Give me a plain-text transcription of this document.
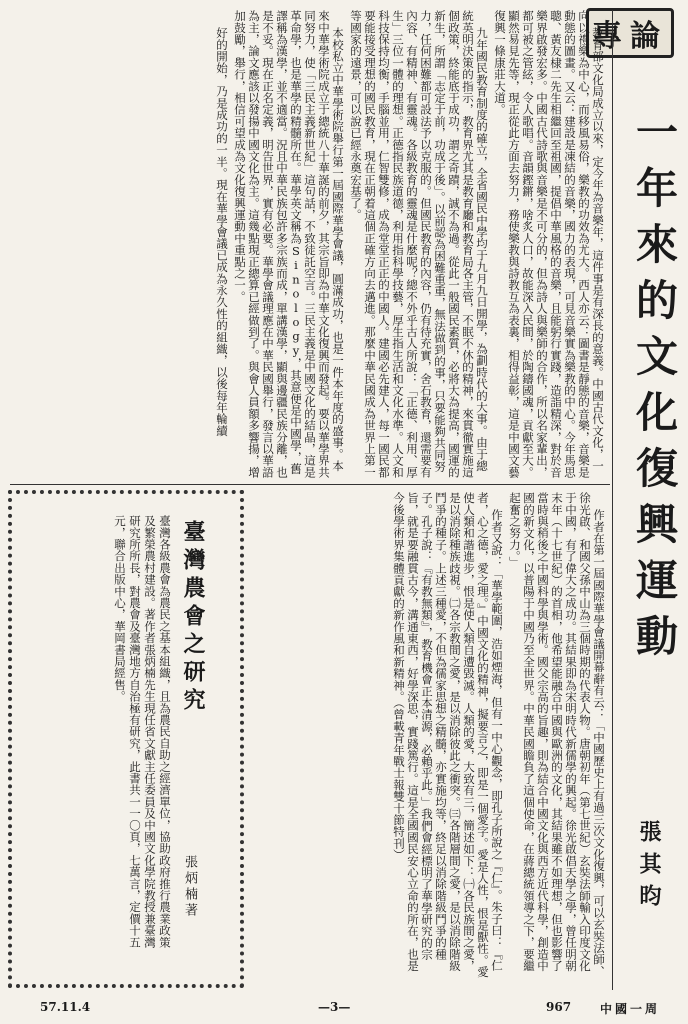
專論
一年來的文化復興運動
張其昀

教育部文化局成立以來，定今年為音樂年，這件事是有深長的意義。中國古代文化，一向以禮樂為中心，而移風易俗，樂教的功效為尤大。西人亦云：圖書是靜態的音樂，音樂是動態的圖畫。又云：建設是凍結的音樂，國力的表現，可見音樂實為樂教的中心。今年馬思聰、黃友棣二先生相繼回至祖國，提倡中華風格的音樂，且能躬行實踐，造詣精深，對於音樂界啟發宏多。中國古代詩歌與音樂是不可分的，但為詩人與樂師的合作，所以名家輩出，都可被之管絃，令人歌唱。音韻鏗鏘，啥炙人口，故能深入民間，於陶鑄國魂，貢獻至大。顯然易見先等，現正從此方面去努力，務使樂教與詩教互為表裏，相得益彰，這是中國文藝復興一條康莊大道。

九年國民教育制度的確立，全省國民中學均于九月九日開學，為劃時代的大事。由于總統英明決策的指示，教育界尤其是教育廳和教育局各主管，不眠不休的精神，來貫徹實施這個政策，終能底于成功，謂之奇蹟，誠不為過。從此一般國民素質，必將大為提高，國運的新生，所謂「志定于前，功成于後」。以前認為困難重重，無法做到的事，只要能夠共同努力，任何困難都可設法予以克服的。但國民教育的內容，仍有待充實，舍石教育，還需要有內容、有精神、有靈魂。各級教育的靈魂是什麼呢？總不外乎古人所說：「正德、利用、厚生」三位一體的理想。正德指民族道德，利用指科學技藝，厚生指生活和文化水準。人文和科技保持均衡，手腦並用，仁智雙修，成為堂堂正正的中國人。建國必先建人，每一國民都要能接受理想的國民教育，現在正朝着這個正確方向去邁進。那麼中華民國成為世界上第一等國家的遠景，可以說已經永奠宏基了。

本校私立中華學術院舉行第一屆國際華學會議，圓滿成功，也是一件本年度的盛事。本來中華學術院成立于總統八十華誕的前夕，其宗旨即為中華文化復興而發起。要以華學界共同努力，使「三民主義新世紀」這句話，不致徒託空言。三民主義是中國文化的結晶，這是革命學，也是華學的精髓所在。華學英文稱為Sinology，其意便是中國學，舊譯稱為漢學，並不適當。況且中華民族包許多宗族而成，單講漢學，顯與邊疆民族分離，也是不妥。現在正名定義，明告世界，實有必要。華學會議理應在中華民國舉行，發言以華語為主，論文應該以發揚中國文化為主。這幾點現正總算已經做到了。與會人員額多響揚，增加鼓勵，舉行，相信可望成為文化復興運動中重點之一。

好的開始，乃是成功的一半。現在華學會議已成為永久性的組織，以後每年輪續

作者在第一屆國際華學會議開幕辭有云：「中國歷史上有過三次文化復興，可以玄奘法師、徐光啟、和國父孫中山為三個時期的代表人物。唐朝初年（第七世紀）玄奘法師輸入印度文化于中國，有了偉大之成功。其結果即為宋明時代新儒學的興起。徐光啟倡天學之學，曾任明朝末年（十七世紀）的首相，他希望能融合中國與歐洲的文化，其結果雖不如理想，但也影響了當時與稍後之中國科學與學術。國父宗高的旨趣，則為結合中國文化與西方近代科學，創造中國的新文化，以普陽于中國乃至全世界。中華民國瞻負了這個使命，在蔣總統領導之下，要繼起奮之努力。」

作者又說：「華學範圍，浩如煙海，但有一中心觀念，即孔子所說之『仁』。朱子曰：『仁者，心之德，愛之理。』中國文化的精神，擬要言之，即是一個愛字。愛是人性，恨是獸性。愛使人類和諧進步，恨是使人類自遭毀滅。人類的愛，大致有三，簡述如下：㈠各民族間之愛，是以消除種族歧視。㈡各宗教間之愛，是以消除彼此之衝突。㈢各階層間之愛，是以消除階級鬥爭的種子。上述三種愛，不但為儒家思想之精髓，亦實施均等，終足以消除階級鬥爭的種子。孔子說：『有教無類』，教育機會正本清源，必賴乎此。」我們會經標明了華學研究的宗旨，就是要融貫古今，溝通東西，好學深思，實踐篤行。這是全國國民安心立命的所在，也是今後學術界集體貢獻的新作風和新精神。（曾載青年戰士報雙十節特刊）

臺灣農會之研究
張炳楠著
臺灣各級農會為農民之基本組織，且為農民自助之經濟單位，協助政府推行農業政策及繁榮農村建設。著作者張炳楠先生現任省文獻主任委員及中國文化學院教授兼臺灣研究所所長，對農會及臺灣地方自治極有研究，此書共一一〇頁，七萬言，定價十五元，聯合出版中心，華岡書局經售。
57.11.4	—3—	967 中國一周
